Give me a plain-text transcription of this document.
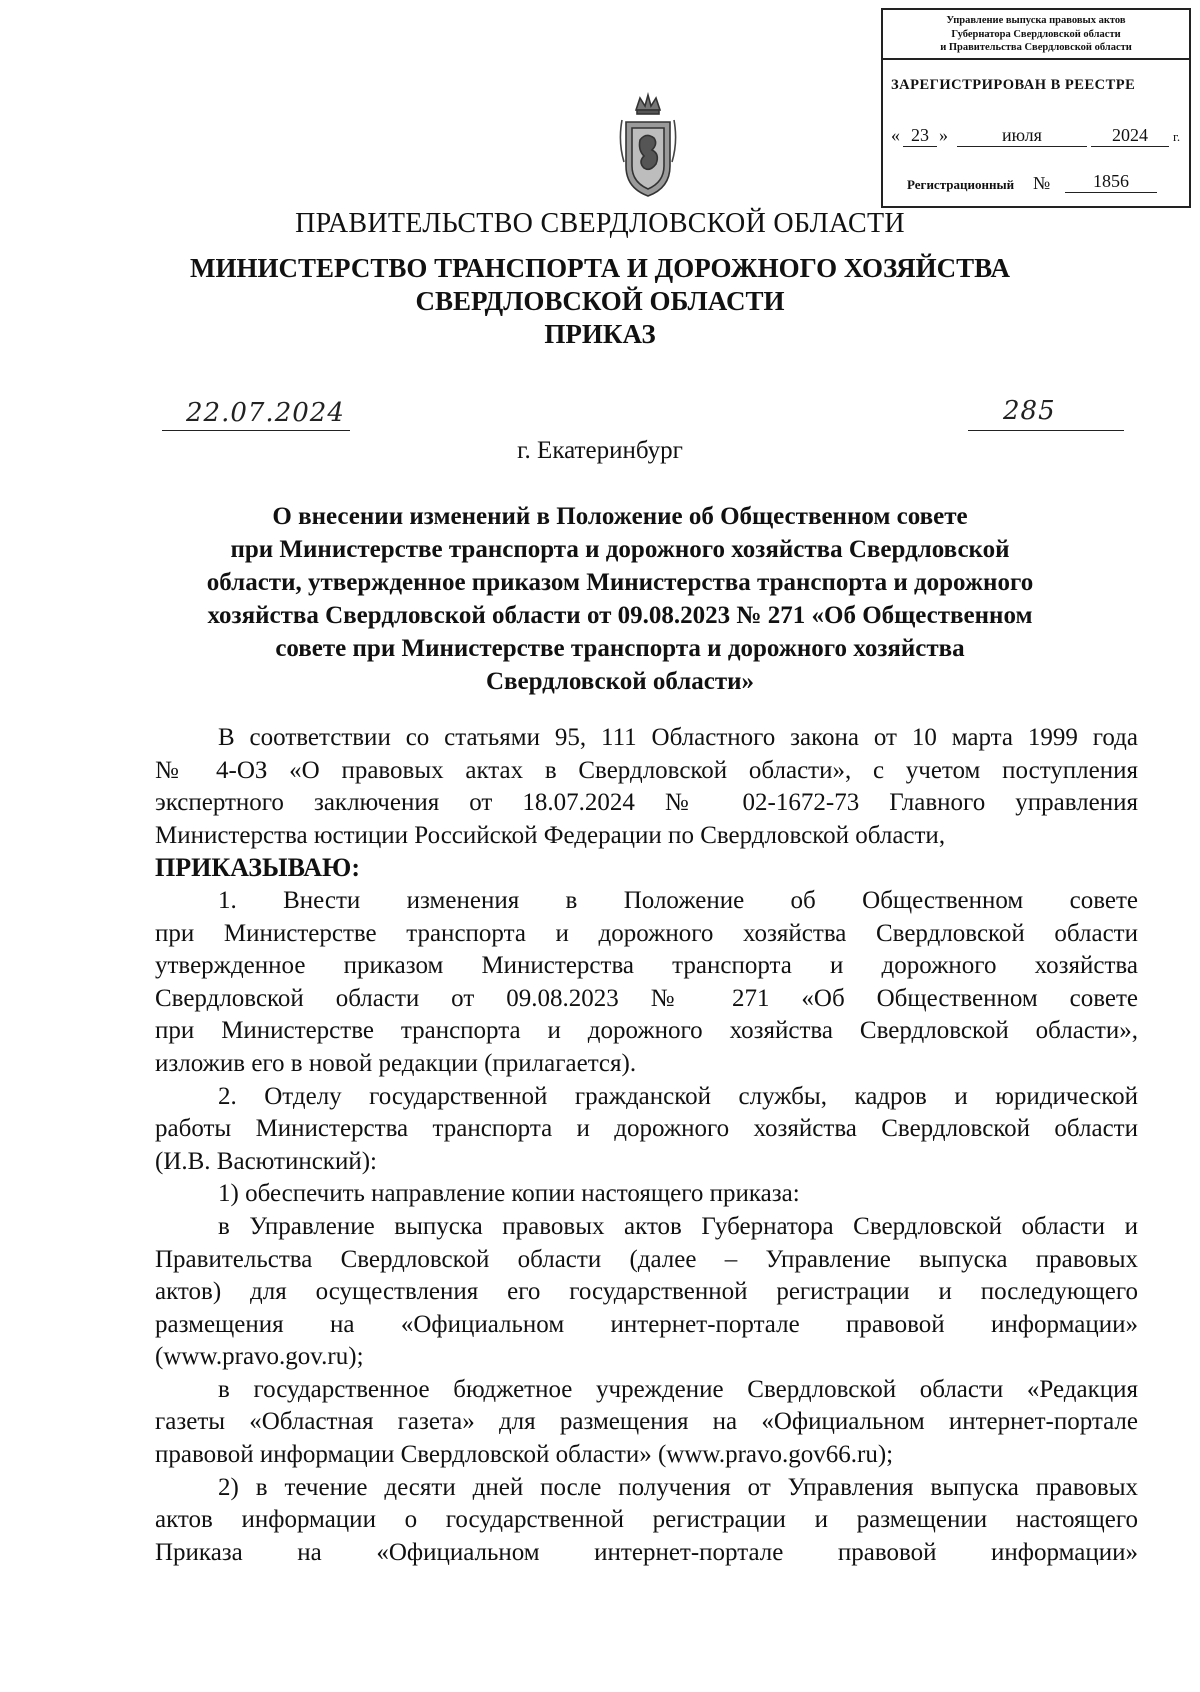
Управление выпуска правовых актов
Губернатора Свердловской области
и Правительства Свердловской области
ЗАРЕГИСТРИРОВАН В РЕЕСТРЕ
« 23 »	июля	2024	г.
Регистрационный №	1856
ПРАВИТЕЛЬСТВО СВЕРДЛОВСКОЙ ОБЛАСТИ
МИНИСТЕРСТВО ТРАНСПОРТА И ДОРОЖНОГО ХОЗЯЙСТВА
СВЕРДЛОВСКОЙ ОБЛАСТИ
ПРИКАЗ
22.07.2024	285
г. Екатеринбург
О внесении изменений в Положение об Общественном совете
при Министерстве транспорта и дорожного хозяйства Свердловской
области, утвержденное приказом Министерства транспорта и дорожного
хозяйства Свердловской области от 09.08.2023 № 271 «Об Общественном
совете при Министерстве транспорта и дорожного хозяйства
Свердловской области»
В соответствии со статьями 95, 111 Областного закона от 10 марта 1999 года
№ 4-ОЗ «О правовых актах в Свердловской области», с учетом поступления
экспертного заключения от 18.07.2024 № 02-1672-73 Главного управления
Министерства юстиции Российской Федерации по Свердловской области,
ПРИКАЗЫВАЮ:
1. Внести изменения в Положение об Общественном совете
при Министерстве транспорта и дорожного хозяйства Свердловской области
утвержденное приказом Министерства транспорта и дорожного хозяйства
Свердловской области от 09.08.2023 № 271 «Об Общественном совете
при Министерстве транспорта и дорожного хозяйства Свердловской области»,
изложив его в новой редакции (прилагается).
2. Отделу государственной гражданской службы, кадров и юридической
работы Министерства транспорта и дорожного хозяйства Свердловской области
(И.В. Васютинский):
1) обеспечить направление копии настоящего приказа:
в Управление выпуска правовых актов Губернатора Свердловской области и
Правительства Свердловской области (далее – Управление выпуска правовых
актов) для осуществления его государственной регистрации и последующего
размещения на «Официальном интернет-портале правовой информации»
(www.pravo.gov.ru);
в государственное бюджетное учреждение Свердловской области «Редакция
газеты «Областная газета» для размещения на «Официальном интернет-портале
правовой информации Свердловской области» (www.pravo.gov66.ru);
2) в течение десяти дней после получения от Управления выпуска правовых
актов информации о государственной регистрации и размещении настоящего
Приказа на «Официальном интернет-портале правовой информации»
